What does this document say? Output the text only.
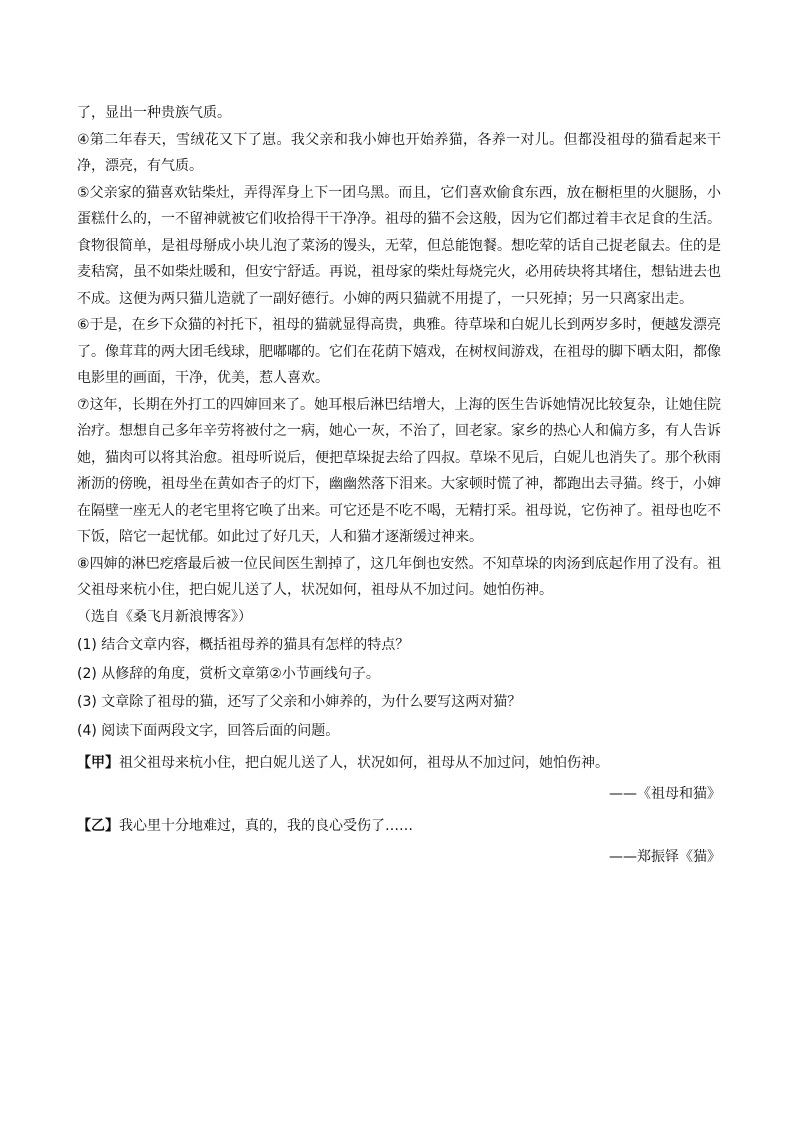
了，显出一种贵族气质。

④第二年春天，雪绒花又下了崽。我父亲和我小婶也开始养猫，各养一对儿。但都没祖母的猫看起来干净，漂亮，有气质。

⑤父亲家的猫喜欢钻柴灶，弄得浑身上下一团乌黑。而且，它们喜欢偷食东西，放在橱柜里的火腿肠，小蛋糕什么的，一不留神就被它们收拾得干干净净。祖母的猫不会这般，因为它们都过着丰衣足食的生活。食物很简单，是祖母掰成小块儿泡了菜汤的馒头，无荤，但总能饱餐。想吃荤的话自己捉老鼠去。住的是麦秸窝，虽不如柴灶暖和，但安宁舒适。再说，祖母家的柴灶每烧完火，必用砖块将其堵住，想钻进去也不成。这便为两只猫儿造就了一副好德行。小婶的两只猫就不用提了，一只死掉；另一只离家出走。

⑥于是，在乡下众猫的衬托下，祖母的猫就显得高贵，典雅。待草垛和白妮儿长到两岁多时，便越发漂亮了。像茸茸的两大团毛线球，肥嘟嘟的。它们在花荫下嬉戏，在树杈间游戏，在祖母的脚下晒太阳，都像电影里的画面，干净，优美，惹人喜欢。

⑦这年，长期在外打工的四婶回来了。她耳根后淋巴结增大，上海的医生告诉她情况比较复杂，让她住院治疗。想想自己多年辛劳将被付之一病，她心一灰，不治了，回老家。家乡的热心人和偏方多，有人告诉她，猫肉可以将其治愈。祖母听说后，便把草垛捉去给了四叔。草垛不见后，白妮儿也消失了。那个秋雨淅沥的傍晚，祖母坐在黄如杏子的灯下，幽幽然落下泪来。大家顿时慌了神，都跑出去寻猫。终于，小婶在隔壁一座无人的老宅里将它唤了出来。可它还是不吃不喝，无精打采。祖母说，它伤神了。祖母也吃不下饭，陪它一起忧郁。如此过了好几天，人和猫才逐渐缓过神来。

⑧四婶的淋巴疙瘩最后被一位民间医生割掉了，这几年倒也安然。不知草垛的肉汤到底起作用了没有。祖父祖母来杭小住，把白妮儿送了人，状况如何，祖母从不加过问。她怕伤神。

（选自《桑飞月新浪博客》）

(1) 结合文章内容，概括祖母养的猫具有怎样的特点？

(2) 从修辞的角度，赏析文章第②小节画线句子。

(3) 文章除了祖母的猫，还写了父亲和小婶养的，为什么要写这两对猫？

(4) 阅读下面两段文字，回答后面的问题。

【甲】祖父祖母来杭小住，把白妮儿送了人，状况如何，祖母从不加过问，她怕伤神。

——《祖母和猫》

【乙】我心里十分地难过，真的，我的良心受伤了……

——郑振铎《猫》
